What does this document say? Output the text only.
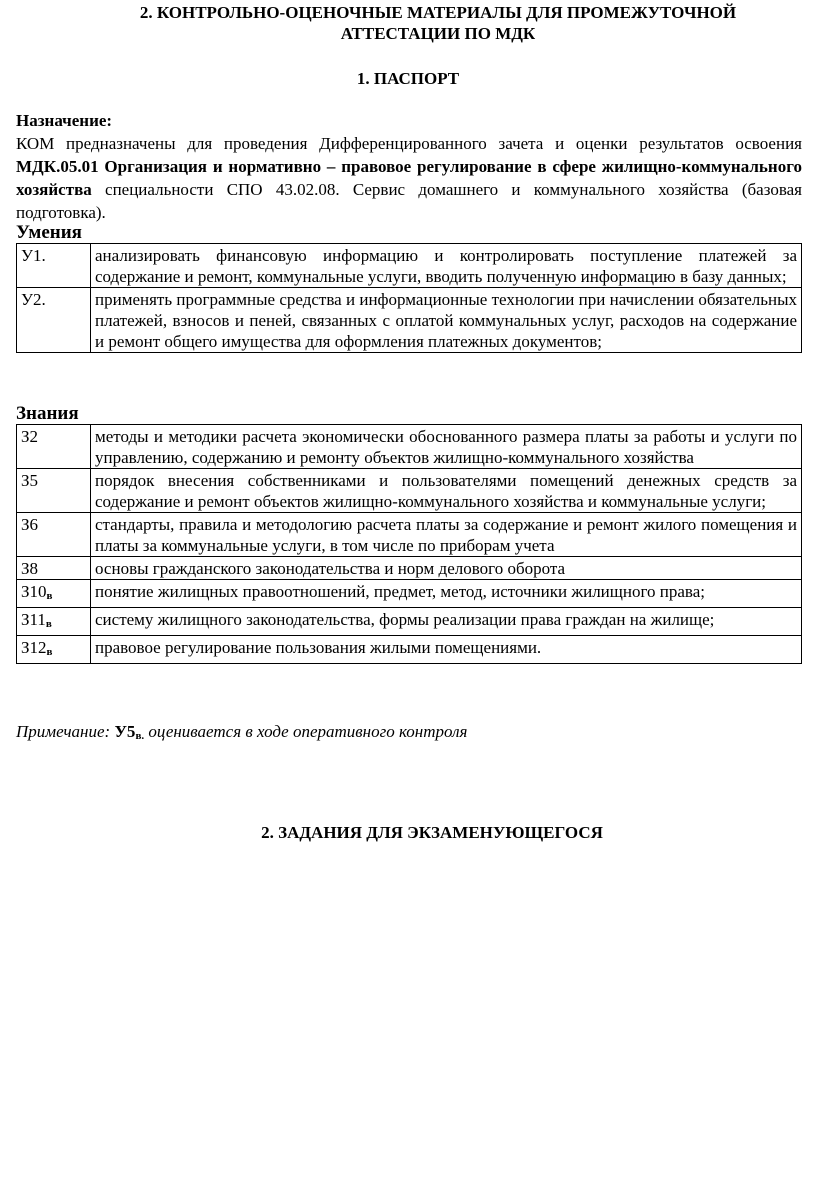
2. КОНТРОЛЬНО-ОЦЕНОЧНЫЕ МАТЕРИАЛЫ ДЛЯ ПРОМЕЖУТОЧНОЙ
АТТЕСТАЦИИ ПО МДК
1. ПАСПОРТ
Назначение:
КОМ предназначены для проведения Дифференцированного зачета и оценки результатов освоения МДК.05.01 Организация и нормативно – правовое регулирование в сфере жилищно-коммунального хозяйства специальности СПО 43.02.08. Сервис домашнего и коммунального хозяйства (базовая подготовка).
Умения
У1.	анализировать финансовую информацию и контролировать поступление платежей за содержание и ремонт, коммунальные услуги, вводить полученную информацию в базу данных;
У2.	применять программные средства и информационные технологии при начислении обязательных платежей, взносов и пеней, связанных с оплатой коммунальных услуг, расходов на содержание и ремонт общего имущества для оформления платежных документов;
Знания
З2	методы и методики расчета экономически обоснованного размера платы за работы и услуги по управлению, содержанию и ремонту объектов жилищно-коммунального хозяйства
З5	порядок внесения собственниками и пользователями помещений денежных средств за содержание и ремонт объектов жилищно-коммунального хозяйства и коммунальные услуги;
З6	стандарты, правила и методологию расчета платы за содержание и ремонт жилого помещения и платы за коммунальные услуги, в том числе по приборам учета
З8	основы гражданского законодательства и норм делового оборота
$З10_в$	понятие жилищных правоотношений, предмет, метод, источники жилищного права;
$З11_в$	систему жилищного законодательства, формы реализации права граждан на жилище;
$З12_в$	правовое регулирование пользования жилыми помещениями.
Примечание: $У5_{в.}$ оценивается в ходе оперативного контроля
2. ЗАДАНИЯ ДЛЯ ЭКЗАМЕНУЮЩЕГОСЯ
